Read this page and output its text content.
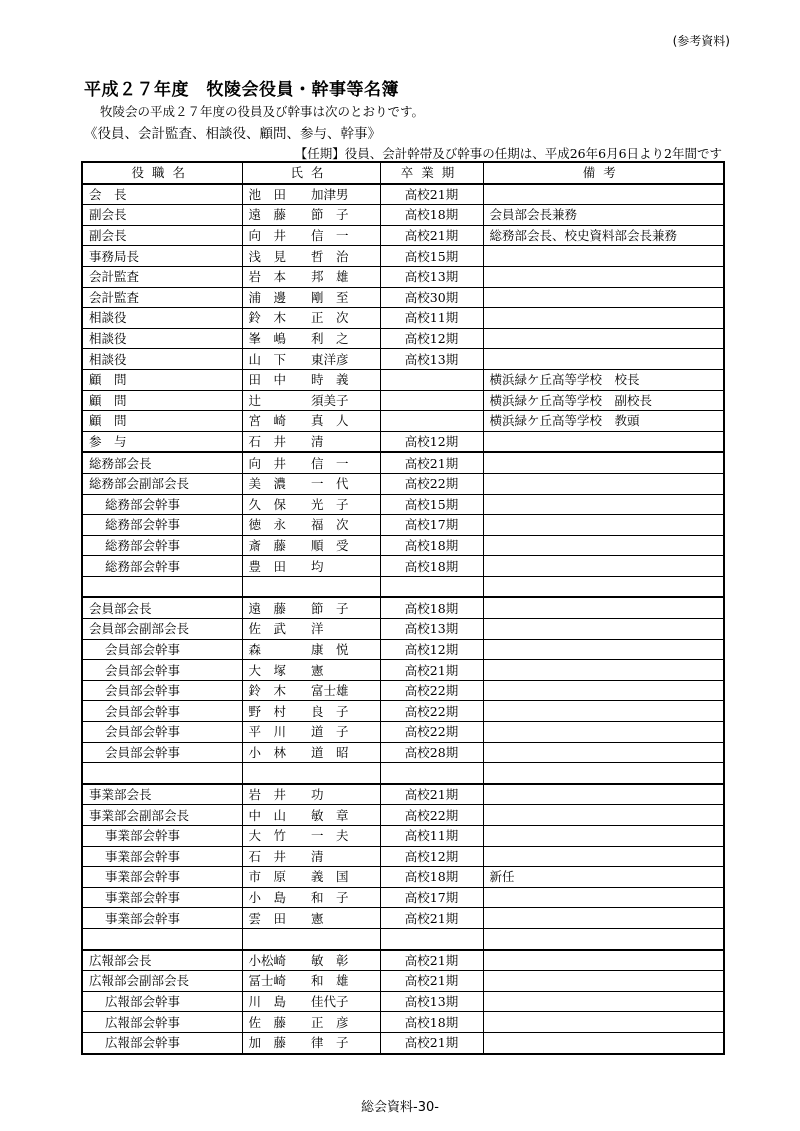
(参考資料)
平成２７年度　牧陵会役員・幹事等名簿
牧陵会の平成２７年度の役員及び幹事は次のとおりです。
《役員、会計監査、相談役、顧問、参与、幹事》
【任期】役員、会計幹帯及び幹事の任期は、平成26年6月6日より2年間です
役職名	氏名	卒業期	備考
会　長	池　田　　加津男	高校21期	
副会長	遠　藤　　節　子	高校18期	会員部会長兼務
副会長	向　井　　信　一	高校21期	総務部会長、校史資料部会長兼務
事務局長	浅　見　　哲　治	高校15期	
会計監査	岩　本　　邦　雄	高校13期	
会計監査	浦　邊　　剛　至	高校30期	
相談役	鈴　木　　正　次	高校11期	
相談役	峯　嶋　　利　之	高校12期	
相談役	山　下　　東洋彦	高校13期	
顧　問	田　中　　時　義		横浜緑ケ丘高等学校　校長
顧　問	辻　　　　須美子		横浜緑ケ丘高等学校　副校長
顧　問	宮　崎　　真　人		横浜緑ケ丘高等学校　教頭
参　与	石　井　　清	高校12期	
総務部会長	向　井　　信　一	高校21期	
総務部会副部会長	美　濃　　一　代	高校22期	
総務部会幹事	久　保　　光　子	高校15期	
総務部会幹事	徳　永　　福　次	高校17期	
総務部会幹事	斎　藤　　順　受	高校18期	
総務部会幹事	豊　田　　均	高校18期	

会員部会長	遠　藤　　節　子	高校18期	
会員部会副部会長	佐　武　　洋	高校13期	
会員部会幹事	森　　　　康　悦	高校12期	
会員部会幹事	大　塚　　憲	高校21期	
会員部会幹事	鈴　木　　富士雄	高校22期	
会員部会幹事	野　村　　良　子	高校22期	
会員部会幹事	平　川　　道　子	高校22期	
会員部会幹事	小　林　　道　昭	高校28期	

事業部会長	岩　井　　功	高校21期	
事業部会副部会長	中　山　　敏　章	高校22期	
事業部会幹事	大　竹　　一　夫	高校11期	
事業部会幹事	石　井　　清	高校12期	
事業部会幹事	市　原　　義　国	高校18期	新任
事業部会幹事	小　島　　和　子	高校17期	
事業部会幹事	雲　田　　憲	高校21期	

広報部会長	小松崎　　敏　彰	高校21期	
広報部会副部会長	冨士崎　　和　雄	高校21期	
広報部会幹事	川　島　　佳代子	高校13期	
広報部会幹事	佐　藤　　正　彦	高校18期	
広報部会幹事	加　藤　　律　子	高校21期	
総会資料-30-
